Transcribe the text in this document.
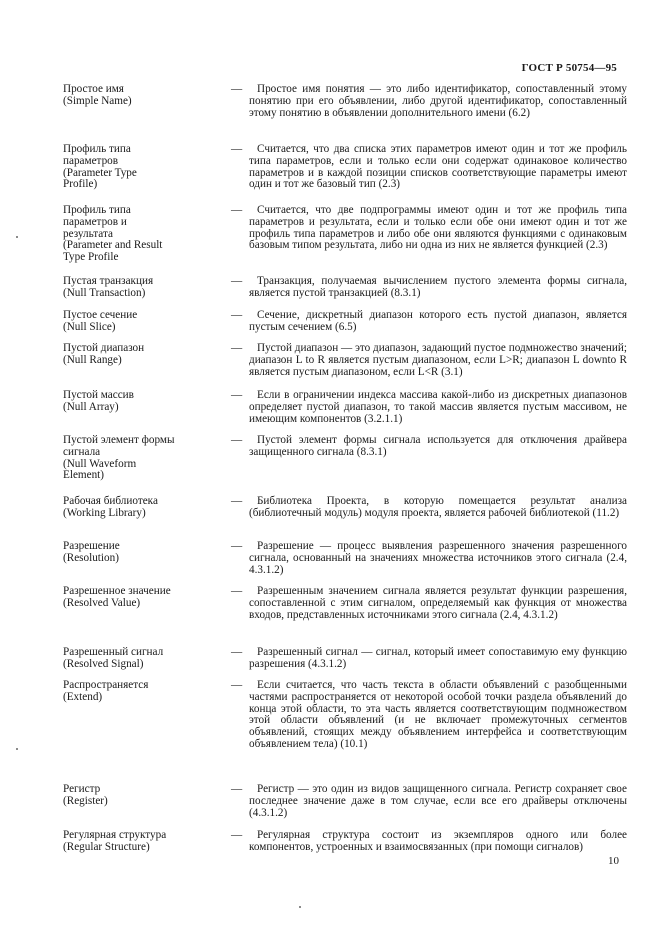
ГОСТ Р 50754—95
Простое имя
(Simple Name)
—	Простое имя понятия — это либо идентификатор, сопоставленный этому понятию при его объявлении, либо другой идентификатор, сопоставленный этому понятию в объявлении дополнительного имени (6.2)
Профиль типа
параметров
(Parameter Type
Profile)
—	Считается, что два списка этих параметров имеют один и тот же профиль типа параметров, если и только если они содержат одинаковое количество параметров и в каждой позиции списков соответствующие параметры имеют один и тот же базовый тип (2.3)
Профиль типа
параметров и
результата
(Parameter and Result
Type Profile
—	Считается, что две подпрограммы имеют один и тот же профиль типа параметров и результата, если и только если обе они имеют один и тот же профиль типа параметров и либо обе они являются функциями с одинаковым базовым типом результата, либо ни одна из них не является функцией (2.3)
Пустая транзакция
(Null Transaction)
—	Транзакция, получаемая вычислением пустого элемента формы сигнала, является пустой транзакцией (8.3.1)
Пустое сечение
(Null Slice)
—	Сечение, дискретный диапазон которого есть пустой диапазон, является пустым сечением (6.5)
Пустой диапазон
(Null Range)
—	Пустой диапазон — это диапазон, задающий пустое подмножество значений; диапазон L to R является пустым диапазоном, если L>R; диапазон L downto R является пустым диапазоном, если L<R (3.1)
Пустой массив
(Null Array)
—	Если в ограничении индекса массива какой-либо из дискретных диапазонов определяет пустой диапазон, то такой массив является пустым массивом, не имеющим компонентов (3.2.1.1)
Пустой элемент формы
сигнала
(Null Waveform
Element)
—	Пустой элемент формы сигнала используется для отключения драйвера защищенного сигнала (8.3.1)
Рабочая библиотека
(Working Library)
—	Библиотека Проекта, в которую помещается результат анализа (библиотечный модуль) модуля проекта, является рабочей библиотекой (11.2)
Разрешение
(Resolution)
—	Разрешение — процесс выявления разрешенного значения разрешенного сигнала, основанный на значениях множества источников этого сигнала (2.4, 4.3.1.2)
Разрешенное значение
(Resolved Value)
—	Разрешенным значением сигнала является результат функции разрешения, сопоставленной с этим сигналом, определяемый как функция от множества входов, представленных источниками этого сигнала (2.4, 4.3.1.2)
Разрешенный сигнал
(Resolved Signal)
—	Разрешенный сигнал — сигнал, который имеет сопоставимую ему функцию разрешения (4.3.1.2)
Распространяется
(Extend)
—	Если считается, что часть текста в области объявлений с разобщенными частями распространяется от некоторой особой точки раздела объявлений до конца этой области, то эта часть является соответствующим подмножеством этой области объявлений (и не включает промежуточных сегментов объявлений, стоящих между объявлением интерфейса и соответствующим объявлением тела) (10.1)
Регистр
(Register)
—	Регистр — это один из видов защищенного сигнала. Регистр сохраняет свое последнее значение даже в том случае, если все его драйверы отключены (4.3.1.2)
Регулярная структура
(Regular Structure)
—	Регулярная структура состоит из экземпляров одного или более компонентов, устроенных и взаимосвязанных (при помощи сигналов)
10
